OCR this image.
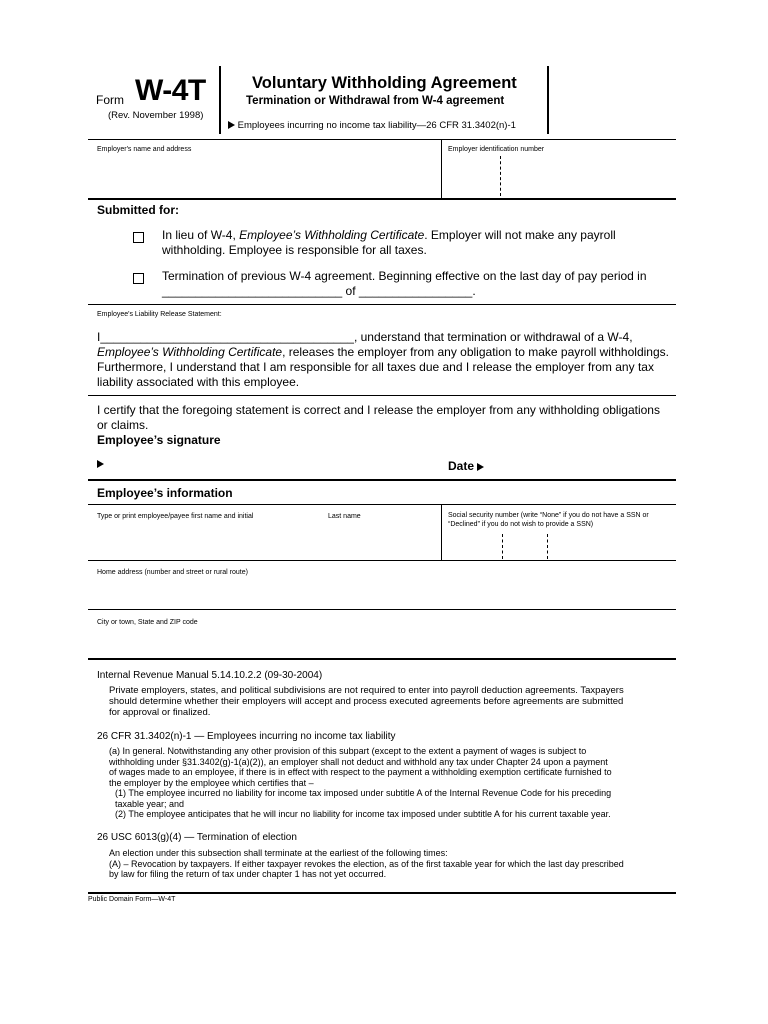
Form W-4T
(Rev. November 1998)
Voluntary Withholding Agreement
Termination or Withdrawal from W-4 agreement
Employees incurring no income tax liability—26 CFR 31.3402(n)-1
Employer's name and address	Employer identification number
Submitted for:
In lieu of W-4, Employee’s Withholding Certificate. Employer will not make any payroll
withholding. Employee is responsible for all taxes.
Termination of previous W-4 agreement. Beginning effective on the last day of pay period in
___________________________ of _________________.
Employee's Liability Release Statement:
I______________________________________, understand that termination or withdrawal of a W-4,
Employee’s Withholding Certificate, releases the employer from any obligation to make payroll withholdings.
Furthermore, I understand that I am responsible for all taxes due and I release the employer from any tax
liability associated with this employee.
I certify that the foregoing statement is correct and I release the employer from any withholding obligations
or claims.
Employee’s signature
Date
Employee’s information
Type or print employee/payee first name and initial	Last name	Social security number (write “None” if you do not have a SSN or
“Declined” if you do not wish to provide a SSN)
Home address (number and street or rural route)
City or town, State and ZIP code
Internal Revenue Manual 5.14.10.2.2 (09-30-2004)
Private employers, states, and political subdivisions are not required to enter into payroll deduction agreements. Taxpayers
should determine whether their employers will accept and process executed agreements before agreements are submitted
for approval or finalized.
26 CFR 31.3402(n)-1 — Employees incurring no income tax liability
(a) In general. Notwithstanding any other provision of this subpart (except to the extent a payment of wages is subject to
withholding under §31.3402(g)-1(a)(2)), an employer shall not deduct and withhold any tax under Chapter 24 upon a payment
of wages made to an employee, if there is in effect with respect to the payment a withholding exemption certificate furnished to
the employer by the employee which certifies that –
(1) The employee incurred no liability for income tax imposed under subtitle A of the Internal Revenue Code for his preceding
taxable year; and
(2) The employee anticipates that he will incur no liability for income tax imposed under subtitle A for his current taxable year.
26 USC 6013(g)(4) — Termination of election
An election under this subsection shall terminate at the earliest of the following times:
(A) – Revocation by taxpayers. If either taxpayer revokes the election, as of the first taxable year for which the last day prescribed
by law for filing the return of tax under chapter 1 has not yet occurred.
Public Domain Form—W-4T
